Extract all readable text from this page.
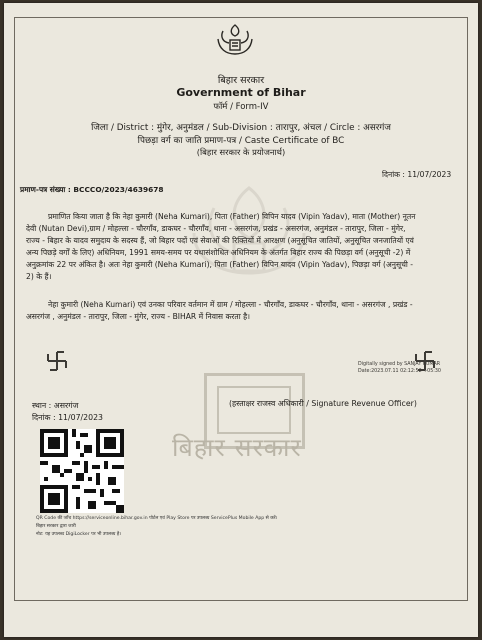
बिहार सरकार
Government of Bihar
फॉर्म / Form-IV
जिला / District : मुंगेर, अनुमंडल / Sub-Division : तारापुर, अंचल / Circle : असरगंज
पिछड़ा वर्ग का जाति प्रमाण-पत्र / Caste Certificate of BC
(बिहार सरकार के प्रयोजनार्थ)
दिनांक : 11/07/2023
प्रमाण-पत्र संख्या : BCCCO/2023/4639678
प्रमाणित किया जाता है कि नेहा कुमारी (Neha Kumari), पिता (Father) विपिन यादव (Vipin Yadav), माता (Mother) नूतन
देवी (Nutan Devi),ग्राम / मोहल्ला - चौरगाँव, डाकघर - चौरगाँव, थाना - असरगंज, प्रखंड - असरगंज, अनुमंडल - तारापुर, जिला - मुंगेर,
राज्य - बिहार के यादव समुदाय के सदस्य हैं, जो बिहार पदों एवं सेवाओं की रिक्तियों में आरक्षण (अनुसूचित जातियों, अनुसूचित जनजातियों एवं
अन्य पिछड़े वर्गों के लिए) अधिनियम, 1991 समय-समय पर यथासंशोधित अधिनियम के अंतर्गत बिहार राज्य की पिछड़ा वर्ग (अनुसूची -2) में
अनुक्रमांक 22 पर अंकित है। अतः नेहा कुमारी (Neha Kumari), पिता (Father) विपिन यादव (Vipin Yadav), पिछड़ा वर्ग (अनुसूची -
2) के हैं।
नेहा कुमारी (Neha Kumari) एवं उनका परिवार वर्तमान में ग्राम / मोहल्ला - चौरगाँव, डाकघर - चौरगाँव, थाना - असरगंज , प्रखंड -
असरगंज , अनुमंडल - तारापुर, जिला - मुंगेर, राज्य - BIHAR में निवास करता है।
Digitally signed by SANJAY KUMAR
Date:2023.07.11 02:12:52 +05:30
(हस्ताक्षर राजस्व अधिकारी / Signature Revenue Officer)
स्थान : असरगंज
दिनांक : 11/07/2023
बिहार सरकार
QR Code की जाँच https://serviceonline.bihar.gov.in पोर्टल एवं Play Store पर उपलब्ध ServicePlus Mobile App से करें।
बिहार सरकार द्वारा जारी
नोट: यह उपलब्ध DigiLocker पर भी उपलब्ध है।
